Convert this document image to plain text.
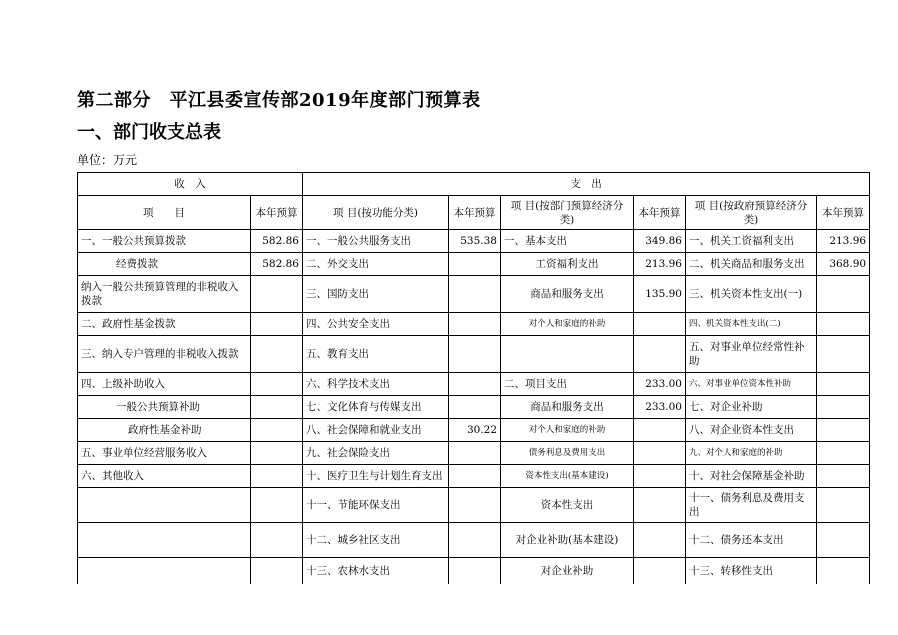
第二部分　平江县委宣传部2019年度部门预算表
一、部门收支总表
单位：万元
收　入		支　出					
项　　目	本年预算	项 目(按功能分类)	本年预算	项 目(按部门预算经济分类)	本年预算	项 目(按政府预算经济分类)	本年预算
一、一般公共预算拨款	582.86	一、一般公共服务支出	535.38	一、基本支出	349.86	一、机关工资福利支出	213.96
经费拨款	582.86	二、外交支出		工资福利支出	213.96	二、机关商品和服务支出	368.90
纳入一般公共预算管理的非税收入拨款		三、国防支出		商品和服务支出	135.90	三、机关资本性支出(一)	
二、政府性基金拨款		四、公共安全支出		对个人和家庭的补助		四、机关资本性支出(二)	
三、纳入专户管理的非税收入拨款		五、教育支出				五、对事业单位经常性补助	
四、上级补助收入		六、科学技术支出		二、项目支出	233.00	六、对事业单位资本性补助	
一般公共预算补助		七、文化体育与传媒支出		商品和服务支出	233.00	七、对企业补助	
政府性基金补助		八、社会保障和就业支出	30.22	对个人和家庭的补助		八、对企业资本性支出	
五、事业单位经营服务收入		九、社会保险支出		债务利息及费用支出		九、对个人和家庭的补助	
六、其他收入		十、医疗卫生与计划生育支出		资本性支出(基本建设)		十、对社会保障基金补助	
		十一、节能环保支出		资本性支出		十一、债务利息及费用支出	
		十二、城乡社区支出		对企业补助(基本建设)		十二、债务还本支出	
		十三、农林水支出		对企业补助		十三、转移性支出	
